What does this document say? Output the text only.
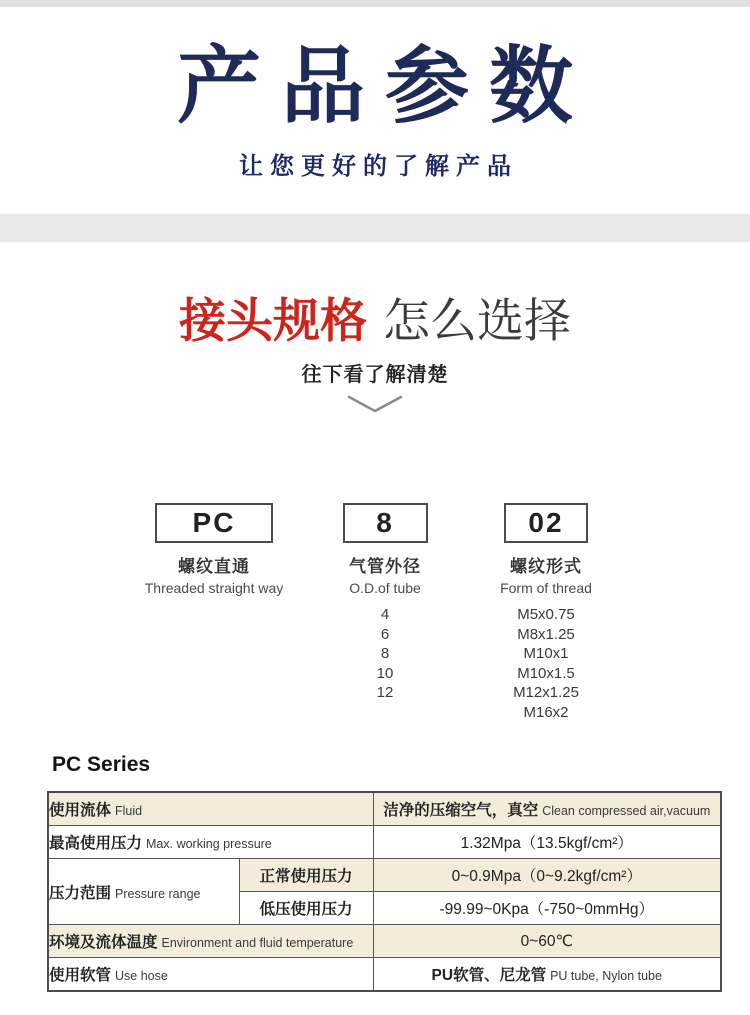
产品参数
让您更好的了解产品
接头规格 怎么选择
往下看了解清楚
PC
螺纹直通
Threaded straight way
8
气管外径
O.D.of tube
4
6
8
10
12
02
螺纹形式
Form of thread
M5x0.75
M8x1.25
M10x1
M10x1.5
M12x1.25
M16x2
PC Series
使用流体 Fluid		洁净的压缩空气，真空 Clean compressed air,vacuum
最高使用压力 Max. working pressure		1.32Mpa（13.5kgf/cm²）
压力范围 Pressure range	正常使用压力	0~0.9Mpa（0~9.2kgf/cm²）
	低压使用压力	-99.99~0Kpa（-750~0mmHg）
环境及流体温度 Environment and fluid temperature		0~60℃
使用软管 Use hose		PU软管、尼龙管 PU tube, Nylon tube
